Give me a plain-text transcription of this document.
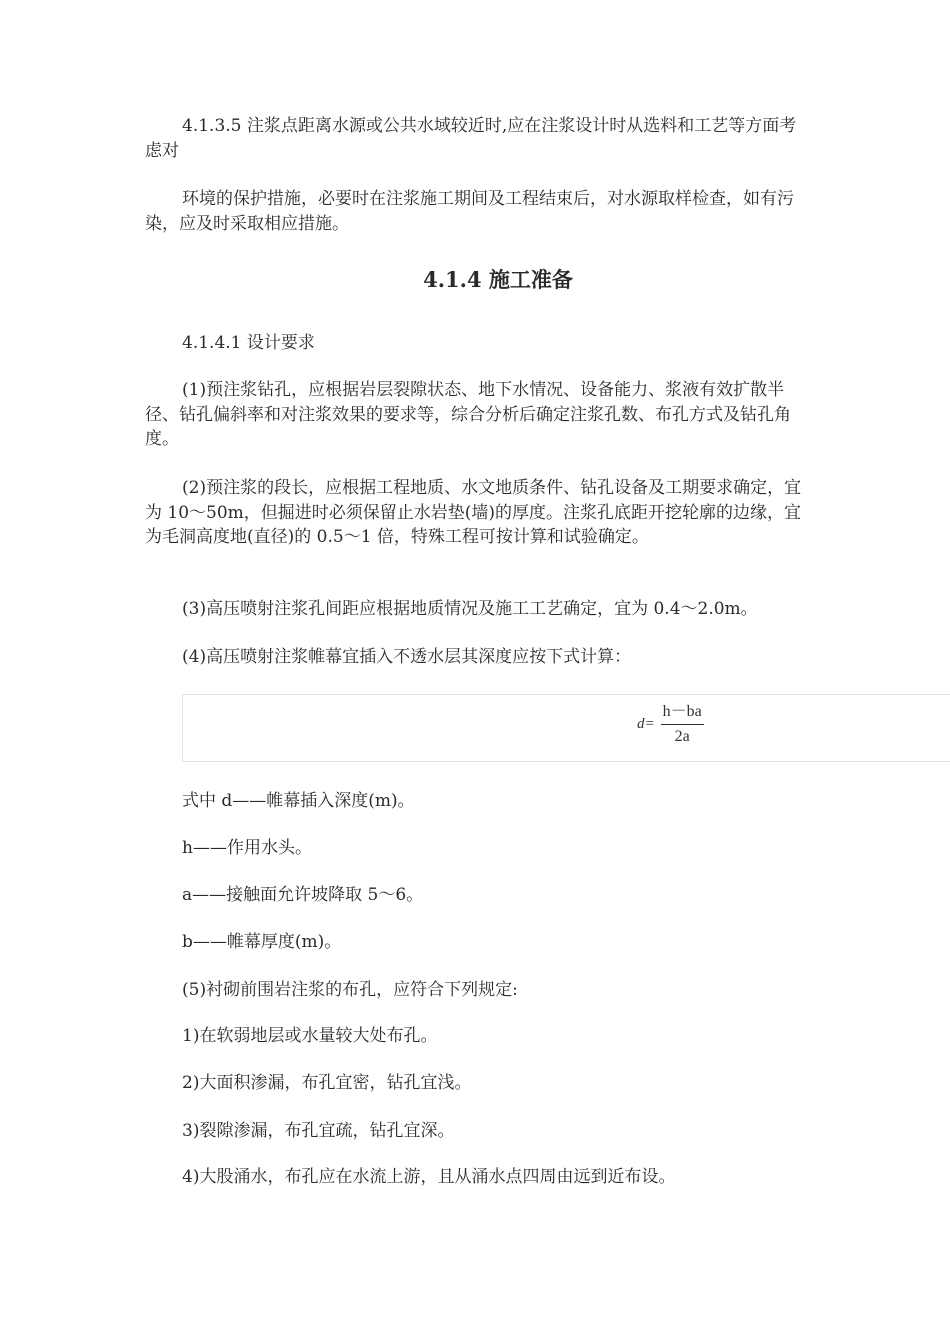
4.1.3.5 注浆点距离水源或公共水域较近时,应在注浆设计时从选料和工艺等方面考虑对

环境的保护措施，必要时在注浆施工期间及工程结束后，对水源取样检查，如有污染，应及时采取相应措施。

4.1.4 施工准备

4.1.4.1 设计要求

(1)预注浆钻孔，应根据岩层裂隙状态、地下水情况、设备能力、浆液有效扩散半径、钻孔偏斜率和对注浆效果的要求等，综合分析后确定注浆孔数、布孔方式及钻孔角度。

(2)预注浆的段长，应根据工程地质、水文地质条件、钻孔设备及工期要求确定，宜为 10～50m，但掘进时必须保留止水岩垫(墙)的厚度。注浆孔底距开挖轮廓的边缘，宜为毛洞高度地(直径)的 0.5～1 倍，特殊工程可按计算和试验确定。

(3)高压喷射注浆孔间距应根据地质情况及施工工艺确定，宜为 0.4～2.0m。

(4)高压喷射注浆帷幕宜插入不透水层其深度应按下式计算：

$d= \frac{h-ba}{2a}$

式中 d——帷幕插入深度(m)。

h——作用水头。

a——接触面允许坡降取 5～6。

b——帷幕厚度(m)。

(5)衬砌前围岩注浆的布孔，应符合下列规定:

1)在软弱地层或水量较大处布孔。

2)大面积渗漏，布孔宜密，钻孔宜浅。

3)裂隙渗漏，布孔宜疏，钻孔宜深。

4)大股涌水，布孔应在水流上游，且从涌水点四周由远到近布设。
